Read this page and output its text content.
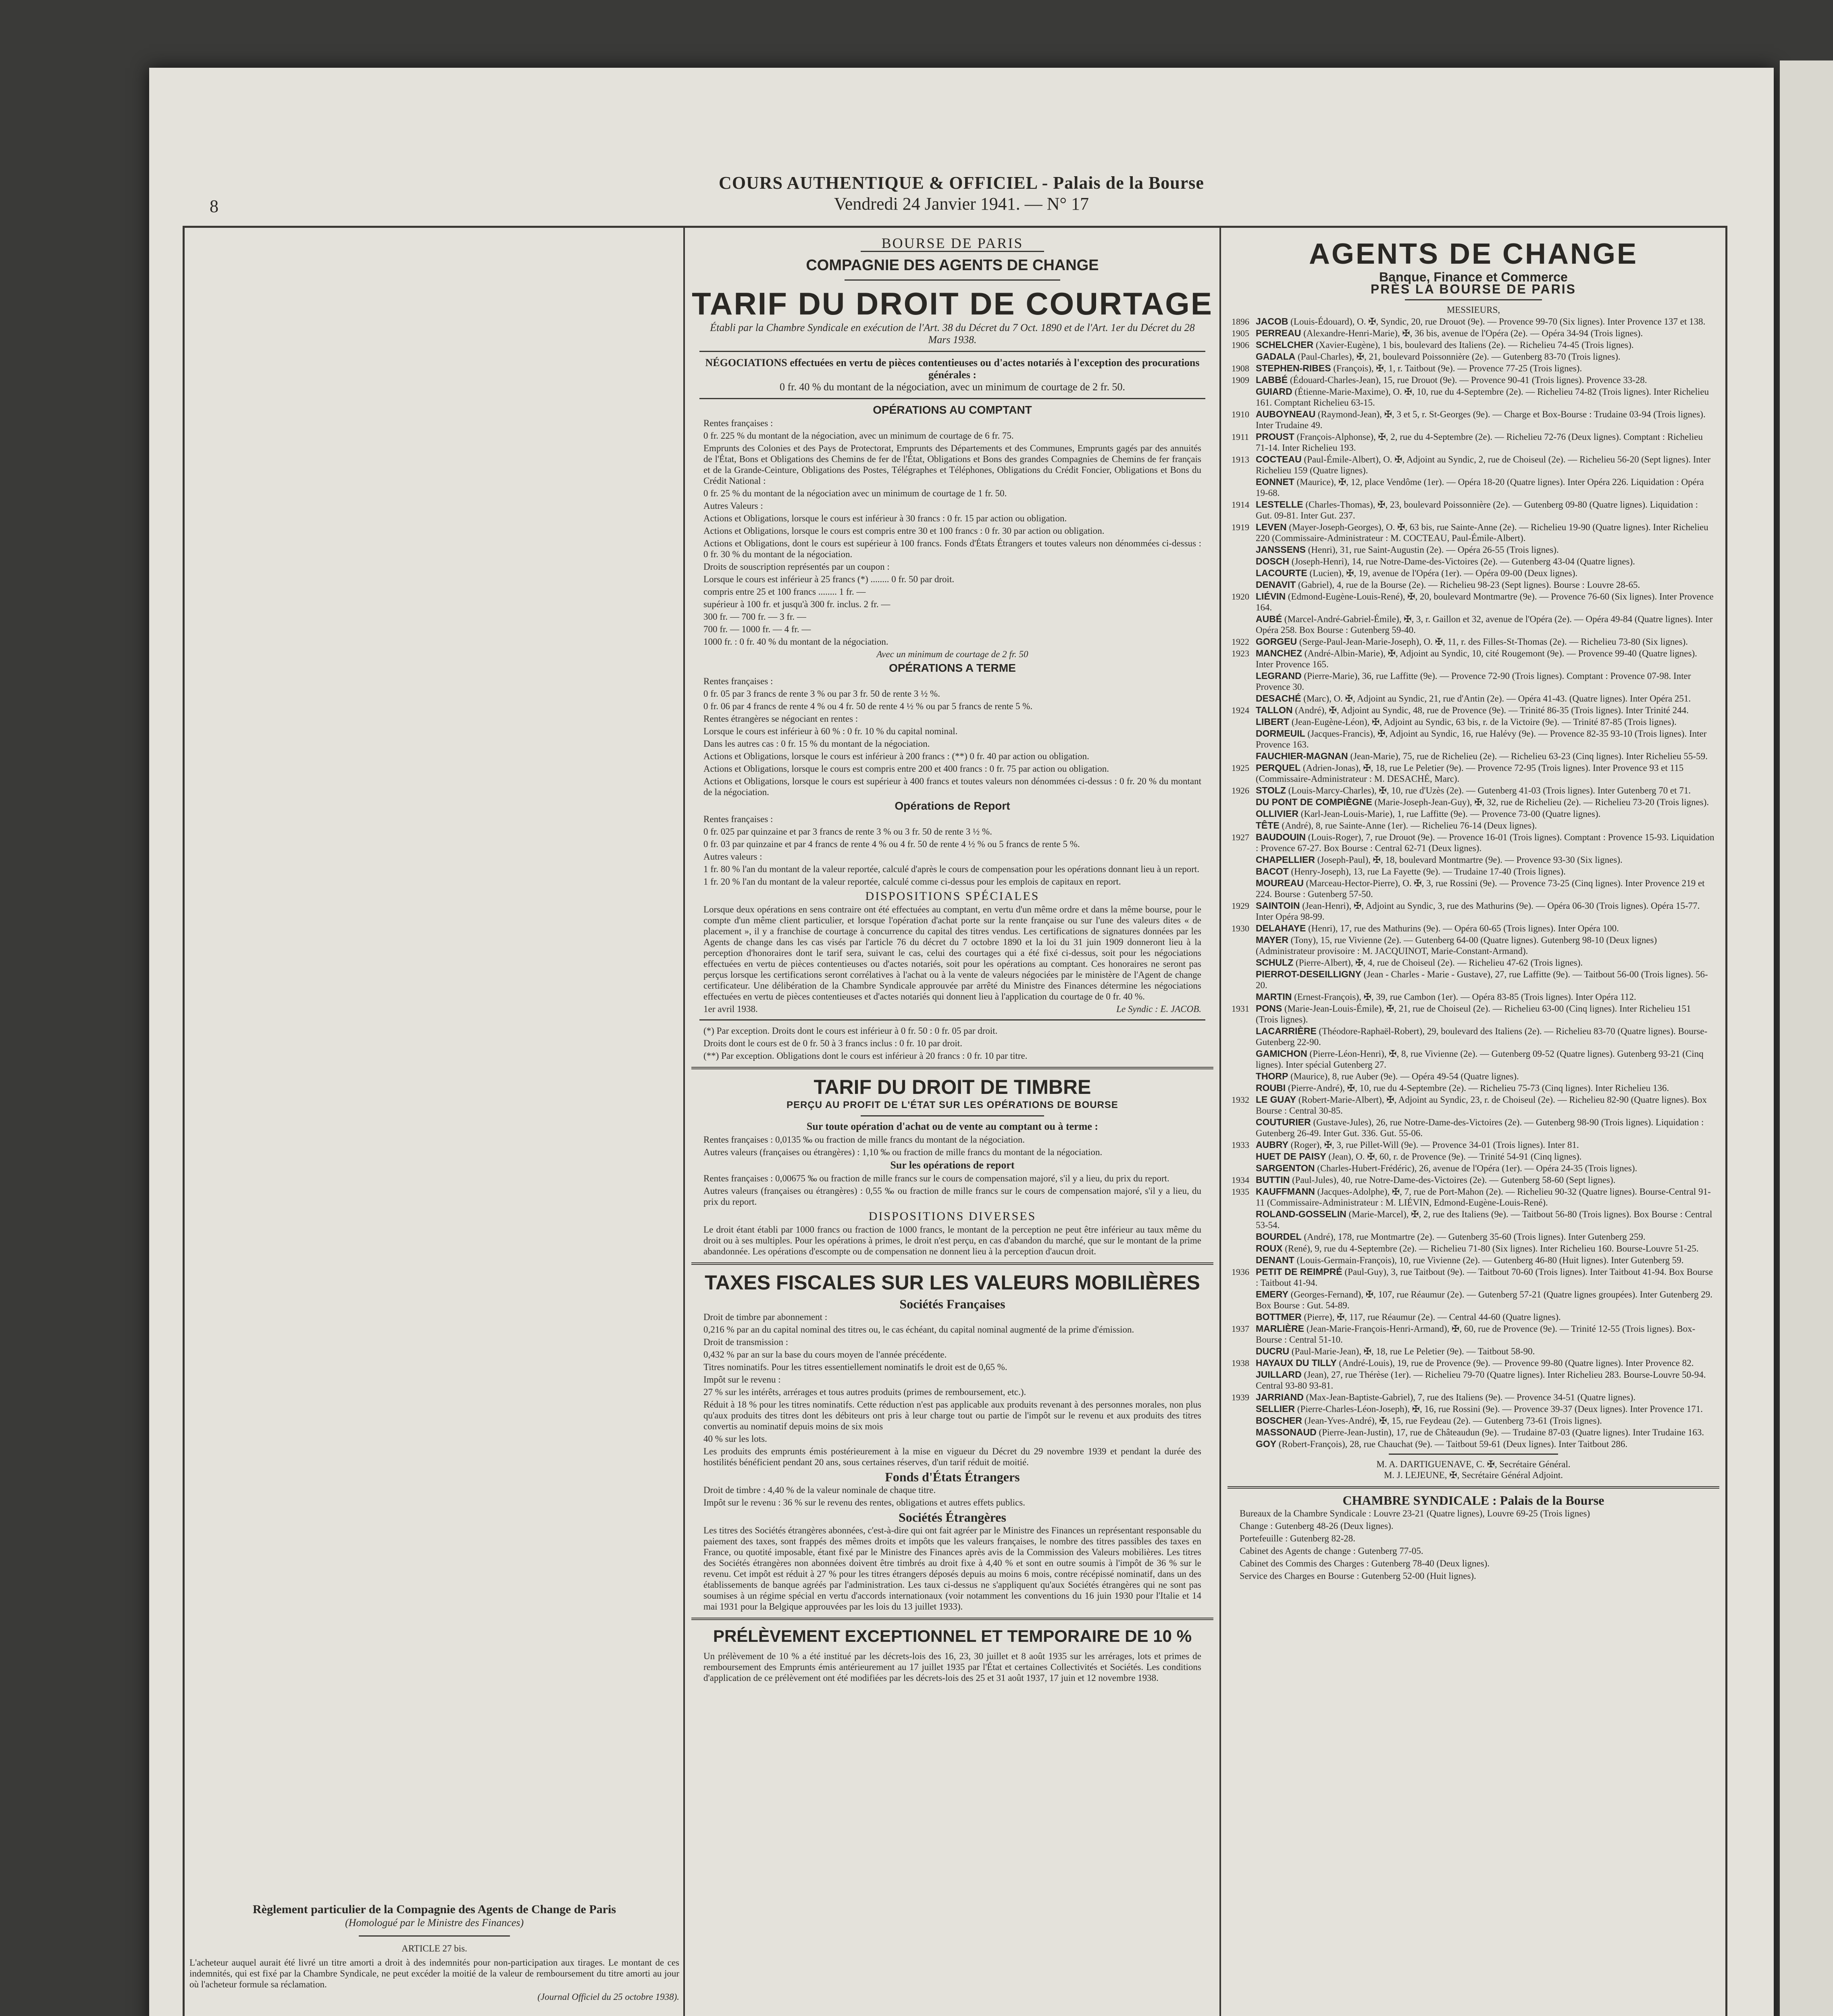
8
COURS AUTHENTIQUE & OFFICIEL - Palais de la Bourse
Vendredi 24 Janvier 1941. — N° 17
Règlement particulier de la Compagnie des Agents de Change de Paris
(Homologué par le Ministre des Finances)
ARTICLE 27 bis.
L'acheteur auquel aurait été livré un titre amorti a droit à des indemnités pour non-participation aux tirages. Le montant de ces indemnités, qui est fixé par la Chambre Syndicale, ne peut excéder la moitié de la valeur de remboursement du titre amorti au jour où l'acheteur formule sa réclamation.
(Journal Officiel du 25 octobre 1938).
BOURSE DE PARIS
COMPAGNIE DES AGENTS DE CHANGE
TARIF DU DROIT DE COURTAGE
Établi par la Chambre Syndicale en exécution de l'Art. 38 du Décret du 7 Oct. 1890 et de l'Art. 1er du Décret du 28 Mars 1938.
NÉGOCIATIONS effectuées en vertu de pièces contentieuses ou d'actes notariés à l'exception des procurations générales :
0 fr. 40 % du montant de la négociation, avec un minimum de courtage de 2 fr. 50.
OPÉRATIONS AU COMPTANT
Rentes françaises :
0 fr. 225 % du montant de la négociation, avec un minimum de courtage de 6 fr. 75.
Emprunts des Colonies et des Pays de Protectorat, Emprunts des Départements et des Communes, Emprunts gagés par des annuités de l'État, Bons et Obligations des Chemins de fer de l'État, Obligations et Bons des grandes Compagnies de Chemins de fer français et de la Grande-Ceinture, Obligations des Postes, Télégraphes et Téléphones, Obligations du Crédit Foncier, Obligations et Bons du Crédit National :
0 fr. 25 % du montant de la négociation avec un minimum de courtage de 1 fr. 50.
Autres Valeurs :
Actions et Obligations, lorsque le cours est inférieur à 30 francs : 0 fr. 15 par action ou obligation.
Actions et Obligations, lorsque le cours est compris entre 30 et 100 francs : 0 fr. 30 par action ou obligation.
Actions et Obligations, dont le cours est supérieur à 100 francs. Fonds d'États Étrangers et toutes valeurs non dénommées ci-dessus : 0 fr. 30 % du montant de la négociation.
Droits de souscription représentés par un coupon :
Lorsque le cours est inférieur à 25 francs (*) ........ 0 fr. 50 par droit.
compris entre 25 et 100 francs ........ 1 fr. —
supérieur à 100 fr. et jusqu'à 300 fr. inclus. 2 fr. —
300 fr. — 700 fr. — 3 fr. —
700 fr. — 1000 fr. — 4 fr. —
1000 fr. : 0 fr. 40 % du montant de la négociation.
Avec un minimum de courtage de 2 fr. 50
OPÉRATIONS A TERME
Rentes françaises :
0 fr. 05 par 3 francs de rente 3 % ou par 3 fr. 50 de rente 3 ½ %.
0 fr. 06 par 4 francs de rente 4 % ou 4 fr. 50 de rente 4 ½ % ou par 5 francs de rente 5 %.
Rentes étrangères se négociant en rentes :
Lorsque le cours est inférieur à 60 % : 0 fr. 10 % du capital nominal.
Dans les autres cas : 0 fr. 15 % du montant de la négociation.
Actions et Obligations, lorsque le cours est inférieur à 200 francs : (**) 0 fr. 40 par action ou obligation.
Actions et Obligations, lorsque le cours est compris entre 200 et 400 francs : 0 fr. 75 par action ou obligation.
Actions et Obligations, lorsque le cours est supérieur à 400 francs et toutes valeurs non dénommées ci-dessus : 0 fr. 20 % du montant de la négociation.
Opérations de Report
Rentes françaises :
0 fr. 025 par quinzaine et par 3 francs de rente 3 % ou 3 fr. 50 de rente 3 ½ %.
0 fr. 03 par quinzaine et par 4 francs de rente 4 % ou 4 fr. 50 de rente 4 ½ % ou 5 francs de rente 5 %.
Autres valeurs :
1 fr. 80 % l'an du montant de la valeur reportée, calculé d'après le cours de compensation pour les opérations donnant lieu à un report.
1 fr. 20 % l'an du montant de la valeur reportée, calculé comme ci-dessus pour les emplois de capitaux en report.
DISPOSITIONS SPÉCIALES
Lorsque deux opérations en sens contraire ont été effectuées au comptant, en vertu d'un même ordre et dans la même bourse, pour le compte d'un même client particulier, et lorsque l'opération d'achat porte sur la rente française ou sur l'une des valeurs dites « de placement », il y a franchise de courtage à concurrence du capital des titres vendus. Les certifications de signatures données par les Agents de change dans les cas visés par l'article 76 du décret du 7 octobre 1890 et la loi du 31 juin 1909 donneront lieu à la perception d'honoraires dont le tarif sera, suivant le cas, celui des courtages qui a été fixé ci-dessus, soit pour les négociations effectuées en vertu de pièces contentieuses ou d'actes notariés, soit pour les opérations au comptant. Ces honoraires ne seront pas perçus lorsque les certifications seront corrélatives à l'achat ou à la vente de valeurs négociées par le ministère de l'Agent de change certificateur. Une délibération de la Chambre Syndicale approuvée par arrêté du Ministre des Finances détermine les négociations effectuées en vertu de pièces contentieuses et d'actes notariés qui donnent lieu à l'application du courtage de 0 fr. 40 %.
1er avril 1938.	Le Syndic : E. JACOB.
(*) Par exception. Droits dont le cours est inférieur à 0 fr. 50 : 0 fr. 05 par droit.
Droits dont le cours est de 0 fr. 50 à 3 francs inclus : 0 fr. 10 par droit.
(**) Par exception. Obligations dont le cours est inférieur à 20 francs : 0 fr. 10 par titre.
TARIF DU DROIT DE TIMBRE
PERÇU AU PROFIT DE L'ÉTAT SUR LES OPÉRATIONS DE BOURSE
Sur toute opération d'achat ou de vente au comptant ou à terme :
Rentes françaises : 0,0135 ‰ ou fraction de mille francs du montant de la négociation.
Autres valeurs (françaises ou étrangères) : 1,10 ‰ ou fraction de mille francs du montant de la négociation.
Sur les opérations de report
Rentes françaises : 0,00675 ‰ ou fraction de mille francs sur le cours de compensation majoré, s'il y a lieu, du prix du report.
Autres valeurs (françaises ou étrangères) : 0,55 ‰ ou fraction de mille francs sur le cours de compensation majoré, s'il y a lieu, du prix du report.
DISPOSITIONS DIVERSES
Le droit étant établi par 1000 francs ou fraction de 1000 francs, le montant de la perception ne peut être inférieur au taux même du droit ou à ses multiples. Pour les opérations à primes, le droit n'est perçu, en cas d'abandon du marché, que sur le montant de la prime abandonnée. Les opérations d'escompte ou de compensation ne donnent lieu à la perception d'aucun droit.
TAXES FISCALES SUR LES VALEURS MOBILIÈRES
Sociétés Françaises
Droit de timbre par abonnement :
0,216 % par an du capital nominal des titres ou, le cas échéant, du capital nominal augmenté de la prime d'émission.
Droit de transmission :
0,432 % par an sur la base du cours moyen de l'année précédente.
Titres nominatifs. Pour les titres essentiellement nominatifs le droit est de 0,65 %.
Impôt sur le revenu :
27 % sur les intérêts, arrérages et tous autres produits (primes de remboursement, etc.).
Réduit à 18 % pour les titres nominatifs. Cette réduction n'est pas applicable aux produits revenant à des personnes morales, non plus qu'aux produits des titres dont les débiteurs ont pris à leur charge tout ou partie de l'impôt sur le revenu et aux produits des titres convertis au nominatif depuis moins de six mois
40 % sur les lots.
Les produits des emprunts émis postérieurement à la mise en vigueur du Décret du 29 novembre 1939 et pendant la durée des hostilités bénéficient pendant 20 ans, sous certaines réserves, d'un tarif réduit de moitié.
Fonds d'États Étrangers
Droit de timbre : 4,40 % de la valeur nominale de chaque titre.
Impôt sur le revenu : 36 % sur le revenu des rentes, obligations et autres effets publics.
Sociétés Étrangères
Les titres des Sociétés étrangères abonnées, c'est-à-dire qui ont fait agréer par le Ministre des Finances un représentant responsable du paiement des taxes, sont frappés des mêmes droits et impôts que les valeurs françaises, le nombre des titres passibles des taxes en France, ou quotité imposable, étant fixé par le Ministre des Finances après avis de la Commission des Valeurs mobilières. Les titres des Sociétés étrangères non abonnées doivent être timbrés au droit fixe à 4,40 % et sont en outre soumis à l'impôt de 36 % sur le revenu. Cet impôt est réduit à 27 % pour les titres étrangers déposés depuis au moins 6 mois, contre récépissé nominatif, dans un des établissements de banque agréés par l'administration. Les taux ci-dessus ne s'appliquent qu'aux Sociétés étrangères qui ne sont pas soumises à un régime spécial en vertu d'accords internationaux (voir notamment les conventions du 16 juin 1930 pour l'Italie et 14 mai 1931 pour la Belgique approuvées par les lois du 13 juillet 1933).
PRÉLÈVEMENT EXCEPTIONNEL ET TEMPORAIRE DE 10 %
Un prélèvement de 10 % a été institué par les décrets-lois des 16, 23, 30 juillet et 8 août 1935 sur les arrérages, lots et primes de remboursement des Emprunts émis antérieurement au 17 juillet 1935 par l'État et certaines Collectivités et Sociétés. Les conditions d'application de ce prélèvement ont été modifiées par les décrets-lois des 25 et 31 août 1937, 17 juin et 12 novembre 1938.
AGENTS DE CHANGE
Banque, Finance et Commerce
PRÈS LA BOURSE DE PARIS
MESSIEURS,
1896 JACOB (Louis-Édouard), O. ✠, Syndic, 20, rue Drouot (9e). — Provence 99-70 (Six lignes). Inter Provence 137 et 138.
1905 PERREAU (Alexandre-Henri-Marie), ✠, 36 bis, avenue de l'Opéra (2e). — Opéra 34-94 (Trois lignes).
1906 SCHELCHER (Xavier-Eugène), 1 bis, boulevard des Italiens (2e). — Richelieu 74-45 (Trois lignes).
GADALA (Paul-Charles), ✠, 21, boulevard Poissonnière (2e). — Gutenberg 83-70 (Trois lignes).
1908 STEPHEN-RIBES (François), ✠, 1, r. Taitbout (9e). — Provence 77-25 (Trois lignes).
1909 LABBÉ (Édouard-Charles-Jean), 15, rue Drouot (9e). — Provence 90-41 (Trois lignes). Provence 33-28.
GUIARD (Étienne-Marie-Maxime), O. ✠, 10, rue du 4-Septembre (2e). — Richelieu 74-82 (Trois lignes). Inter Richelieu 161. Comptant Richelieu 63-15.
1910 AUBOYNEAU (Raymond-Jean), ✠, 3 et 5, r. St-Georges (9e). — Charge et Box-Bourse : Trudaine 03-94 (Trois lignes). Inter Trudaine 49.
1911 PROUST (François-Alphonse), ✠, 2, rue du 4-Septembre (2e). — Richelieu 72-76 (Deux lignes). Comptant : Richelieu 71-14. Inter Richelieu 193.
1913 COCTEAU (Paul-Émile-Albert), O. ✠, Adjoint au Syndic, 2, rue de Choiseul (2e). — Richelieu 56-20 (Sept lignes). Inter Richelieu 159 (Quatre lignes).
EONNET (Maurice), ✠, 12, place Vendôme (1er). — Opéra 18-20 (Quatre lignes). Inter Opéra 226. Liquidation : Opéra 19-68.
1914 LESTELLE (Charles-Thomas), ✠, 23, boulevard Poissonnière (2e). — Gutenberg 09-80 (Quatre lignes). Liquidation : Gut. 09-81. Inter Gut. 237.
1919 LEVEN (Mayer-Joseph-Georges), O. ✠, 63 bis, rue Sainte-Anne (2e). — Richelieu 19-90 (Quatre lignes). Inter Richelieu 220 (Commissaire-Administrateur : M. COCTEAU, Paul-Émile-Albert).
JANSSENS (Henri), 31, rue Saint-Augustin (2e). — Opéra 26-55 (Trois lignes).
DOSCH (Joseph-Henri), 14, rue Notre-Dame-des-Victoires (2e). — Gutenberg 43-04 (Quatre lignes).
LACOURTE (Lucien), ✠, 19, avenue de l'Opéra (1er). — Opéra 09-00 (Deux lignes).
DENAVIT (Gabriel), 4, rue de la Bourse (2e). — Richelieu 98-23 (Sept lignes). Bourse : Louvre 28-65.
1920 LIÉVIN (Edmond-Eugène-Louis-René), ✠, 20, boulevard Montmartre (9e). — Provence 76-60 (Six lignes). Inter Provence 164.
AUBÉ (Marcel-André-Gabriel-Émile), ✠, 3, r. Gaillon et 32, avenue de l'Opéra (2e). — Opéra 49-84 (Quatre lignes). Inter Opéra 258. Box Bourse : Gutenberg 59-40.
1922 GORGEU (Serge-Paul-Jean-Marie-Joseph), O. ✠, 11, r. des Filles-St-Thomas (2e). — Richelieu 73-80 (Six lignes).
1923 MANCHEZ (André-Albin-Marie), ✠, Adjoint au Syndic, 10, cité Rougemont (9e). — Provence 99-40 (Quatre lignes). Inter Provence 165.
LEGRAND (Pierre-Marie), 36, rue Laffitte (9e). — Provence 72-90 (Trois lignes). Comptant : Provence 07-98. Inter Provence 30.
DESACHÉ (Marc), O. ✠, Adjoint au Syndic, 21, rue d'Antin (2e). — Opéra 41-43. (Quatre lignes). Inter Opéra 251.
1924 TALLON (André), ✠, Adjoint au Syndic, 48, rue de Provence (9e). — Trinité 86-35 (Trois lignes). Inter Trinité 244.
LIBERT (Jean-Eugène-Léon), ✠, Adjoint au Syndic, 63 bis, r. de la Victoire (9e). — Trinité 87-85 (Trois lignes).
DORMEUIL (Jacques-Francis), ✠, Adjoint au Syndic, 16, rue Halévy (9e). — Provence 82-35 93-10 (Trois lignes). Inter Provence 163.
FAUCHIER-MAGNAN (Jean-Marie), 75, rue de Richelieu (2e). — Richelieu 63-23 (Cinq lignes). Inter Richelieu 55-59.
1925 PERQUEL (Adrien-Jonas), ✠, 18, rue Le Peletier (9e). — Provence 72-95 (Trois lignes). Inter Provence 93 et 115 (Commissaire-Administrateur : M. DESACHÉ, Marc).
1926 STOLZ (Louis-Marcy-Charles), ✠, 10, rue d'Uzès (2e). — Gutenberg 41-03 (Trois lignes). Inter Gutenberg 70 et 71.
DU PONT DE COMPIÈGNE (Marie-Joseph-Jean-Guy), ✠, 32, rue de Richelieu (2e). — Richelieu 73-20 (Trois lignes).
OLLIVIER (Karl-Jean-Louis-Marie), 1, rue Laffitte (9e). — Provence 73-00 (Quatre lignes).
TÊTE (André), 8, rue Sainte-Anne (1er). — Richelieu 76-14 (Deux lignes).
1927 BAUDOUIN (Louis-Roger), 7, rue Drouot (9e). — Provence 16-01 (Trois lignes). Comptant : Provence 15-93. Liquidation : Provence 67-27. Box Bourse : Central 62-71 (Deux lignes).
CHAPELLIER (Joseph-Paul), ✠, 18, boulevard Montmartre (9e). — Provence 93-30 (Six lignes).
BACOT (Henry-Joseph), 13, rue La Fayette (9e). — Trudaine 17-40 (Trois lignes).
MOUREAU (Marceau-Hector-Pierre), O. ✠, 3, rue Rossini (9e). — Provence 73-25 (Cinq lignes). Inter Provence 219 et 224. Bourse : Gutenberg 57-50.
1929 SAINTOIN (Jean-Henri), ✠, Adjoint au Syndic, 3, rue des Mathurins (9e). — Opéra 06-30 (Trois lignes). Opéra 15-77. Inter Opéra 98-99.
1930 DELAHAYE (Henri), 17, rue des Mathurins (9e). — Opéra 60-65 (Trois lignes). Inter Opéra 100.
MAYER (Tony), 15, rue Vivienne (2e). — Gutenberg 64-00 (Quatre lignes). Gutenberg 98-10 (Deux lignes) (Administrateur provisoire : M. JACQUINOT, Marie-Constant-Armand).
SCHULZ (Pierre-Albert), ✠, 4, rue de Choiseul (2e). — Richelieu 47-62 (Trois lignes).
PIERROT-DESEILLIGNY (Jean - Charles - Marie - Gustave), 27, rue Laffitte (9e). — Taitbout 56-00 (Trois lignes). 56-20.
MARTIN (Ernest-François), ✠, 39, rue Cambon (1er). — Opéra 83-85 (Trois lignes). Inter Opéra 112.
1931 PONS (Marie-Jean-Louis-Émile), ✠, 21, rue de Choiseul (2e). — Richelieu 63-00 (Cinq lignes). Inter Richelieu 151 (Trois lignes).
LACARRIÈRE (Théodore-Raphaël-Robert), 29, boulevard des Italiens (2e). — Richelieu 83-70 (Quatre lignes). Bourse-Gutenberg 22-90.
GAMICHON (Pierre-Léon-Henri), ✠, 8, rue Vivienne (2e). — Gutenberg 09-52 (Quatre lignes). Gutenberg 93-21 (Cinq lignes). Inter spécial Gutenberg 27.
THORP (Maurice), 8, rue Auber (9e). — Opéra 49-54 (Quatre lignes).
ROUBI (Pierre-André), ✠, 10, rue du 4-Septembre (2e). — Richelieu 75-73 (Cinq lignes). Inter Richelieu 136.
1932 LE GUAY (Robert-Marie-Albert), ✠, Adjoint au Syndic, 23, r. de Choiseul (2e). — Richelieu 82-90 (Quatre lignes). Box Bourse : Central 30-85.
COUTURIER (Gustave-Jules), 26, rue Notre-Dame-des-Victoires (2e). — Gutenberg 98-90 (Trois lignes). Liquidation : Gutenberg 26-49. Inter Gut. 336. Gut. 55-06.
1933 AUBRY (Roger), ✠, 3, rue Pillet-Will (9e). — Provence 34-01 (Trois lignes). Inter 81.
HUET DE PAISY (Jean), O. ✠, 60, r. de Provence (9e). — Trinité 54-91 (Cinq lignes).
SARGENTON (Charles-Hubert-Frédéric), 26, avenue de l'Opéra (1er). — Opéra 24-35 (Trois lignes).
1934 BUTTIN (Paul-Jules), 40, rue Notre-Dame-des-Victoires (2e). — Gutenberg 58-60 (Sept lignes).
1935 KAUFFMANN (Jacques-Adolphe), ✠, 7, rue de Port-Mahon (2e). — Richelieu 90-32 (Quatre lignes). Bourse-Central 91-11 (Commissaire-Administrateur : M. LIÉVIN, Edmond-Eugène-Louis-René).
ROLAND-GOSSELIN (Marie-Marcel), ✠, 2, rue des Italiens (9e). — Taitbout 56-80 (Trois lignes). Box Bourse : Central 53-54.
BOURDEL (André), 178, rue Montmartre (2e). — Gutenberg 35-60 (Trois lignes). Inter Gutenberg 259.
ROUX (René), 9, rue du 4-Septembre (2e). — Richelieu 71-80 (Six lignes). Inter Richelieu 160. Bourse-Louvre 51-25.
DENANT (Louis-Germain-François), 10, rue Vivienne (2e). — Gutenberg 46-80 (Huit lignes). Inter Gutenberg 59.
1936 PETIT DE REIMPRÉ (Paul-Guy), 3, rue Taitbout (9e). — Taitbout 70-60 (Trois lignes). Inter Taitbout 41-94. Box Bourse : Taitbout 41-94.
EMERY (Georges-Fernand), ✠, 107, rue Réaumur (2e). — Gutenberg 57-21 (Quatre lignes groupées). Inter Gutenberg 29. Box Bourse : Gut. 54-89.
BOTTMER (Pierre), ✠, 117, rue Réaumur (2e). — Central 44-60 (Quatre lignes).
1937 MARLIÈRE (Jean-Marie-François-Henri-Armand), ✠, 60, rue de Provence (9e). — Trinité 12-55 (Trois lignes). Box-Bourse : Central 51-10.
DUCRU (Paul-Marie-Jean), ✠, 18, rue Le Peletier (9e). — Taitbout 58-90.
1938 HAYAUX DU TILLY (André-Louis), 19, rue de Provence (9e). — Provence 99-80 (Quatre lignes). Inter Provence 82.
JUILLARD (Jean), 27, rue Thérèse (1er). — Richelieu 79-70 (Quatre lignes). Inter Richelieu 283. Bourse-Louvre 50-94. Central 93-80 93-81.
1939 JARRIAND (Max-Jean-Baptiste-Gabriel), 7, rue des Italiens (9e). — Provence 34-51 (Quatre lignes).
SELLIER (Pierre-Charles-Léon-Joseph), ✠, 16, rue Rossini (9e). — Provence 39-37 (Deux lignes). Inter Provence 171.
BOSCHER (Jean-Yves-André), ✠, 15, rue Feydeau (2e). — Gutenberg 73-61 (Trois lignes).
MASSONAUD (Pierre-Jean-Justin), 17, rue de Châteaudun (9e). — Trudaine 87-03 (Quatre lignes). Inter Trudaine 163.
GOY (Robert-François), 28, rue Chauchat (9e). — Taitbout 59-61 (Deux lignes). Inter Taitbout 286.
M. A. DARTIGUENAVE, C. ✠, Secrétaire Général.
M. J. LEJEUNE, ✠, Secrétaire Général Adjoint.
CHAMBRE SYNDICALE : Palais de la Bourse
Bureaux de la Chambre Syndicale : Louvre 23-21 (Quatre lignes), Louvre 69-25 (Trois lignes)
Change : Gutenberg 48-26 (Deux lignes).
Portefeuille : Gutenberg 82-28.
Cabinet des Agents de change : Gutenberg 77-05.
Cabinet des Commis des Charges : Gutenberg 78-40 (Deux lignes).
Service des Charges en Bourse : Gutenberg 52-00 (Huit lignes).
